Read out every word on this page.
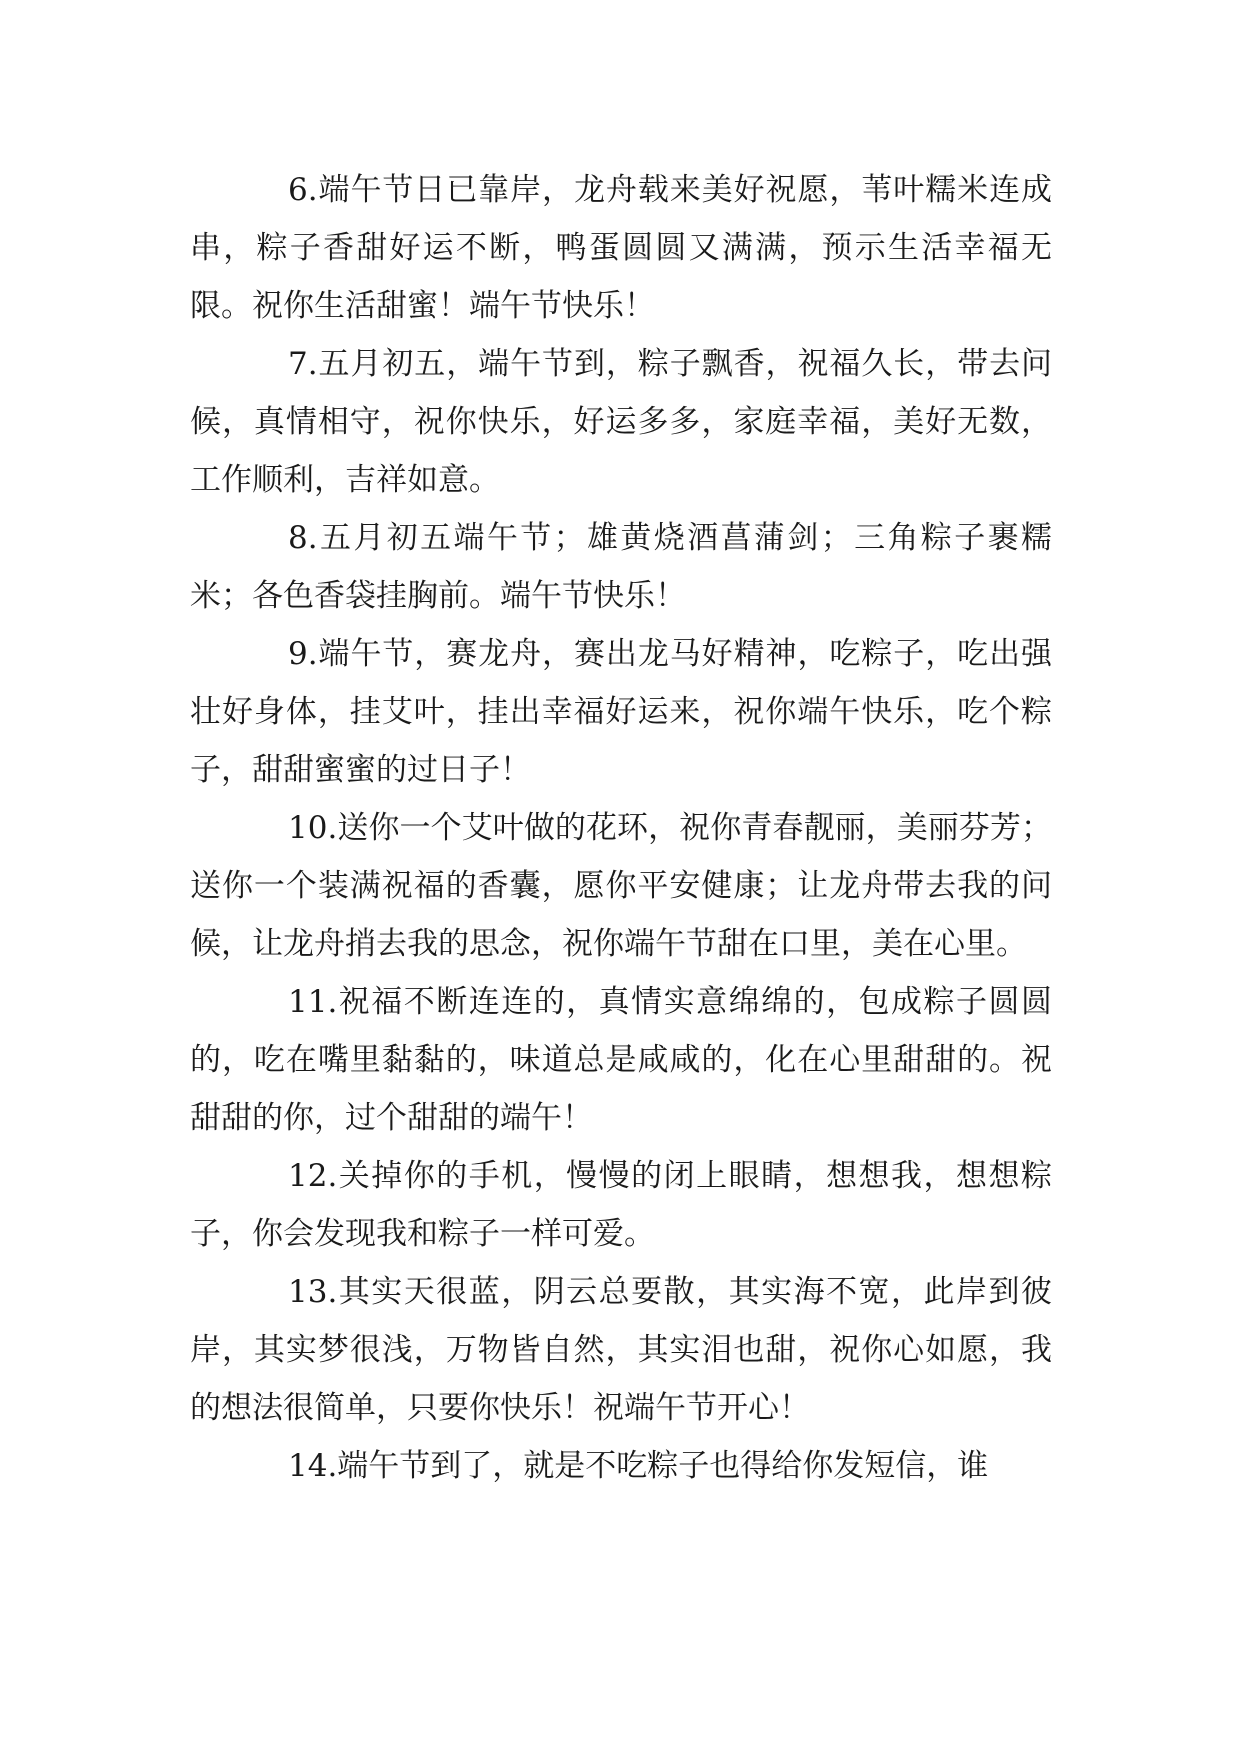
6.端午节日已靠岸，龙舟载来美好祝愿，苇叶糯米连成串，粽子香甜好运不断，鸭蛋圆圆又满满，预示生活幸福无限。祝你生活甜蜜！端午节快乐！

7.五月初五，端午节到，粽子飘香，祝福久长，带去问候，真情相守，祝你快乐，好运多多，家庭幸福，美好无数，工作顺利，吉祥如意。

8.五月初五端午节；雄黄烧酒菖蒲剑；三角粽子裹糯米；各色香袋挂胸前。端午节快乐！

9.端午节，赛龙舟，赛出龙马好精神，吃粽子，吃出强壮好身体，挂艾叶，挂出幸福好运来，祝你端午快乐，吃个粽子，甜甜蜜蜜的过日子！

10.送你一个艾叶做的花环，祝你青春靓丽，美丽芬芳；送你一个装满祝福的香囊，愿你平安健康；让龙舟带去我的问候，让龙舟捎去我的思念，祝你端午节甜在口里，美在心里。

11.祝福不断连连的，真情实意绵绵的，包成粽子圆圆的，吃在嘴里黏黏的，味道总是咸咸的，化在心里甜甜的。祝甜甜的你，过个甜甜的端午！

12.关掉你的手机，慢慢的闭上眼睛，想想我，想想粽子，你会发现我和粽子一样可爱。

13.其实天很蓝，阴云总要散，其实海不宽，此岸到彼岸，其实梦很浅，万物皆自然，其实泪也甜，祝你心如愿，我的想法很简单，只要你快乐！祝端午节开心！

14.端午节到了，就是不吃粽子也得给你发短信，谁
